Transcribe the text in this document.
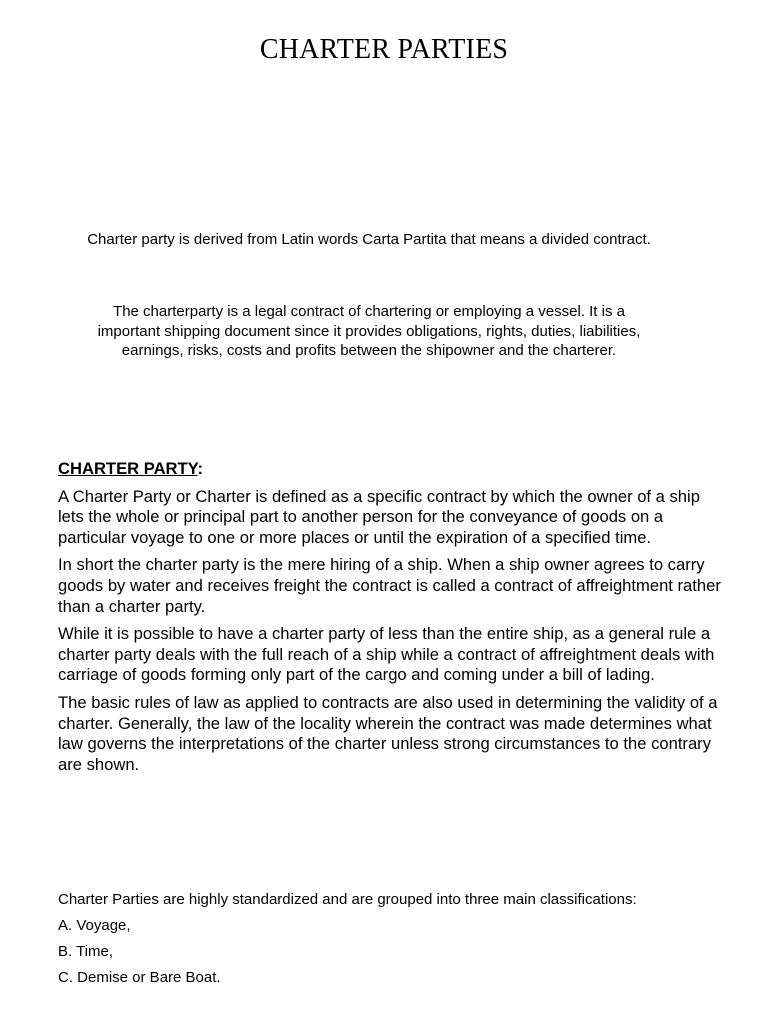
CHARTER PARTIES
Charter party is derived from Latin words Carta Partita that means a divided contract.
The charterparty is a legal contract of chartering or employing a vessel. It is a important shipping document since it provides obligations, rights, duties, liabilities, earnings, risks, costs and profits between the shipowner and the charterer.
CHARTER PARTY:

A Charter Party or Charter is defined as a specific contract by which the owner of a ship lets the whole or principal part to another person for the conveyance of goods on a particular voyage to one or more places or until the expiration of a specified time.

In short the charter party is the mere hiring of a ship. When a ship owner agrees to carry goods by water and receives freight the contract is called a contract of affreightment rather than a charter party.

While it is possible to have a charter party of less than the entire ship, as a general rule a charter party deals with the full reach of a ship while a contract of affreightment deals with carriage of goods forming only part of the cargo and coming under a bill of lading.

The basic rules of law as applied to contracts are also used in determining the validity of a charter. Generally, the law of the locality wherein the contract was made determines what law governs the interpretations of the charter unless strong circumstances to the contrary are shown.

Charter Parties are highly standardized and are grouped into three main classifications:

A. Voyage,
B. Time,
C. Demise or Bare Boat.
